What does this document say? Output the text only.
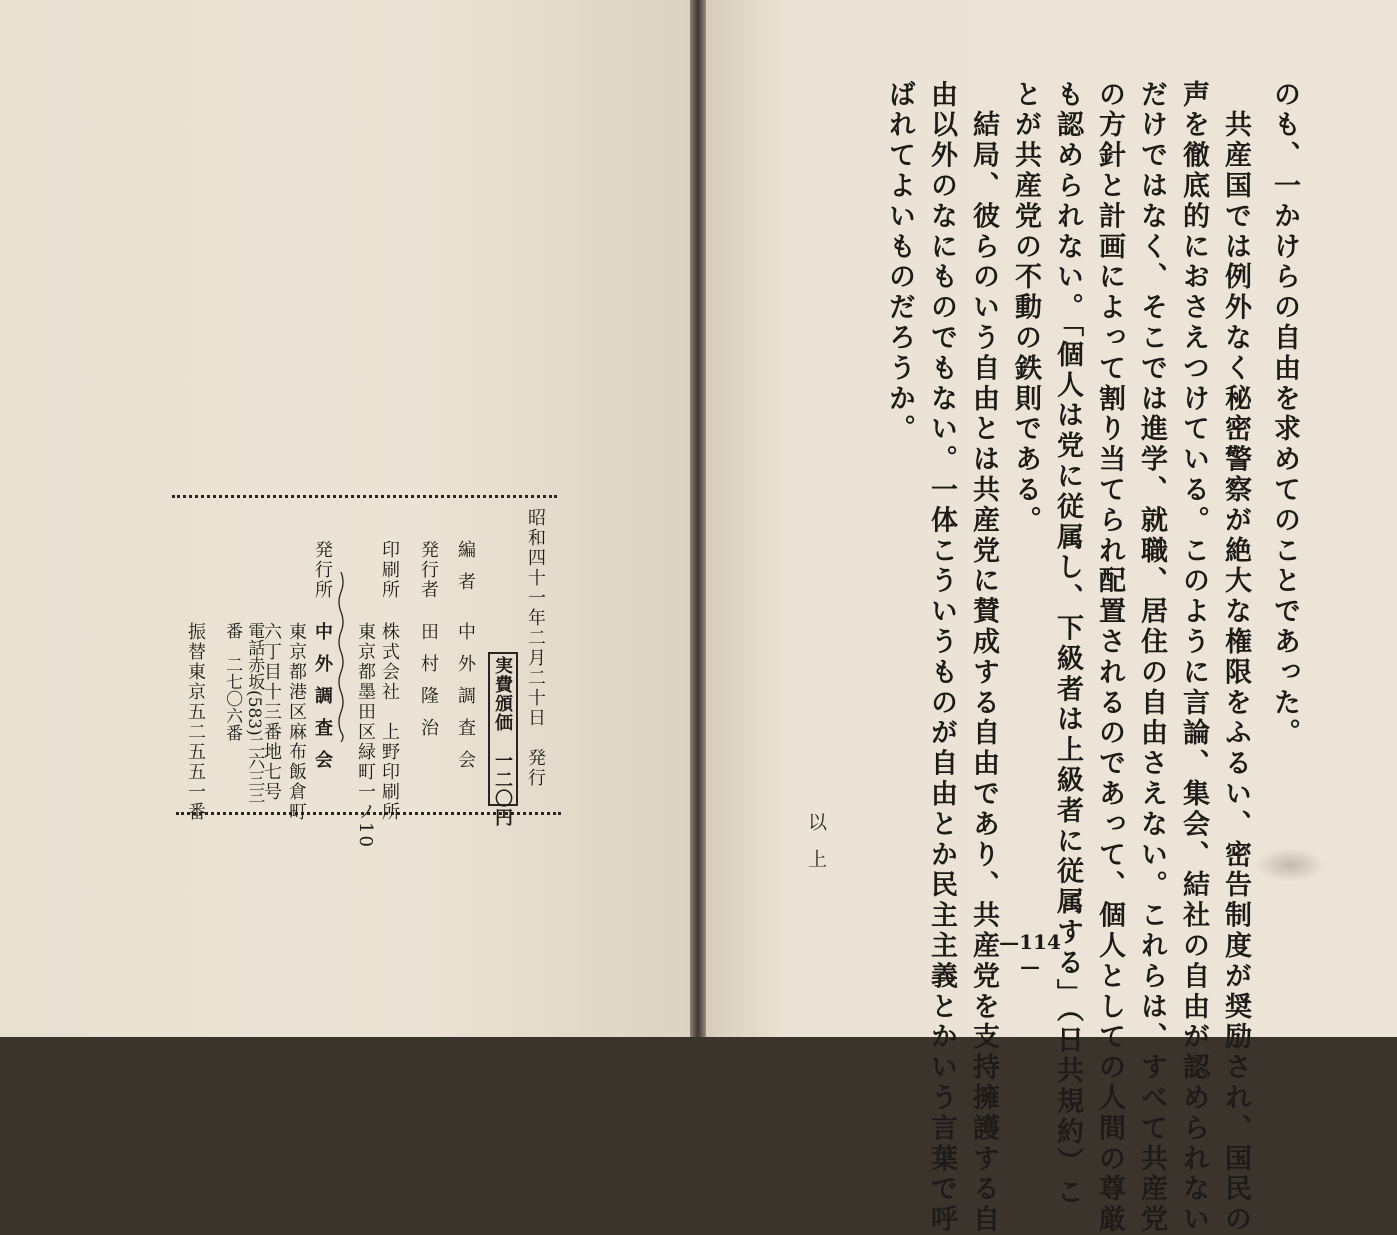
のも、一かけらの自由を求めてのことであった。
　共産国では例外なく秘密警察が絶大な権限をふるい、密告制度が奨励され、国民の
声を徹底的におさえつけている。このように言論、集会、結社の自由が認められない
だけではなく、そこでは進学、就職、居住の自由さえない。これらは、すべて共産党
の方針と計画によって割り当てられ配置されるのであって、個人としての人間の尊厳
も認められない。「個人は党に従属し、下級者は上級者に従属する」（日共規約）こ
とが共産党の不動の鉄則である。
　結局、彼らのいう自由とは共産党に賛成する自由であり、共産党を支持擁護する自
由以外のなにものでもない。一体こういうものが自由とか民主主義とかいう言葉で呼
ばれてよいものだろうか。
以上
—114—
昭和四十一年二月二十日　発行
実費頒価　一二〇円
編者
中外調査会
発行者
田村隆治
印刷所
株式会社　上野印刷所
東京都墨田区緑町一ノ10
発行所
中外調査会
東京都港区麻布飯倉町
六丁目十三番地七号
電話赤坂(583)二六三三番　二七〇六番
振替東京五二五五一番
